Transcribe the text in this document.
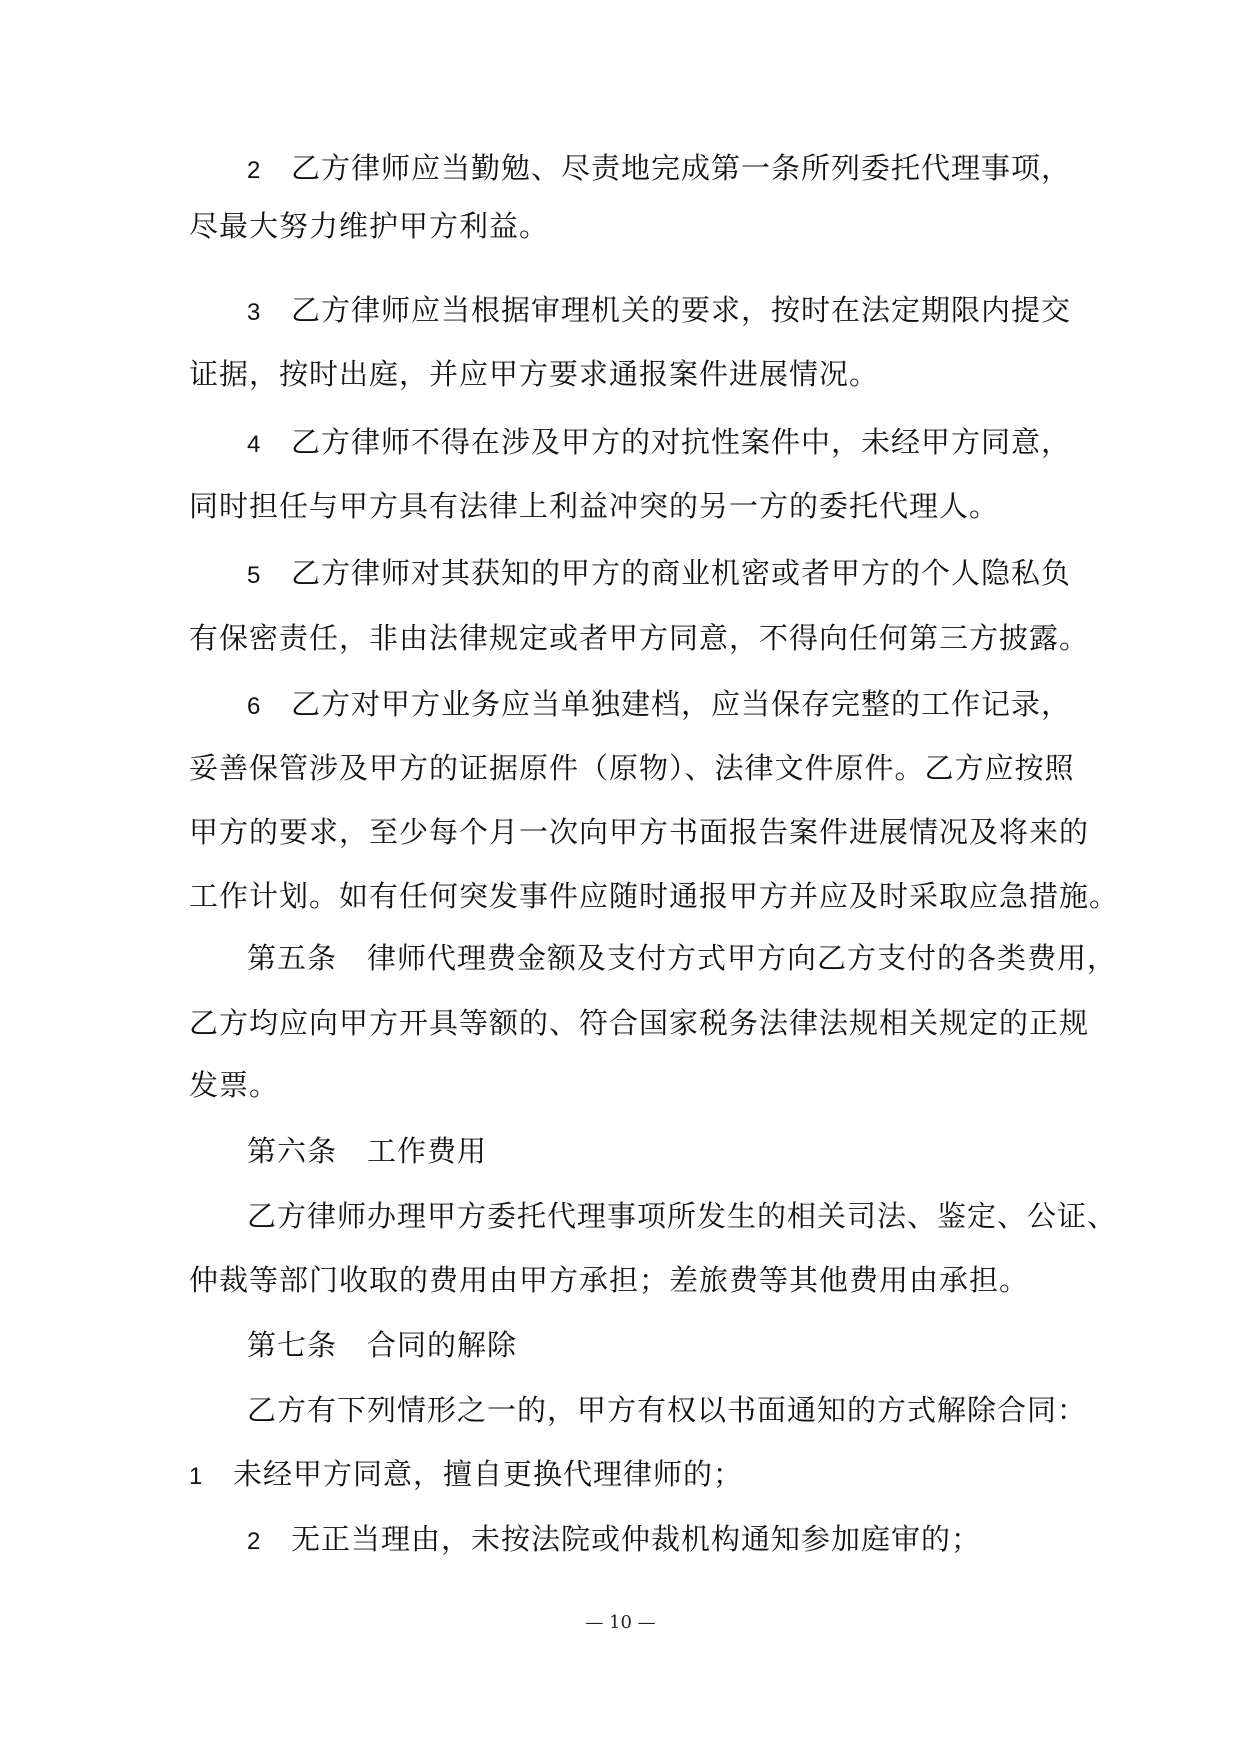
2 乙方律师应当勤勉、尽责地完成第一条所列委托代理事项，
尽最大努力维护甲方利益。
3 乙方律师应当根据审理机关的要求，按时在法定期限内提交
证据，按时出庭，并应甲方要求通报案件进展情况。
4 乙方律师不得在涉及甲方的对抗性案件中，未经甲方同意，
同时担任与甲方具有法律上利益冲突的另一方的委托代理人。
5 乙方律师对其获知的甲方的商业机密或者甲方的个人隐私负
有保密责任，非由法律规定或者甲方同意，不得向任何第三方披露。
6 乙方对甲方业务应当单独建档，应当保存完整的工作记录，
妥善保管涉及甲方的证据原件（原物）、法律文件原件。乙方应按照
甲方的要求，至少每个月一次向甲方书面报告案件进展情况及将来的
工作计划。如有任何突发事件应随时通报甲方并应及时采取应急措施。
第五条 律师代理费金额及支付方式甲方向乙方支付的各类费用，
乙方均应向甲方开具等额的、符合国家税务法律法规相关规定的正规
发票。
第六条 工作费用
乙方律师办理甲方委托代理事项所发生的相关司法、鉴定、公证、
仲裁等部门收取的费用由甲方承担；差旅费等其他费用由承担。
第七条 合同的解除
乙方有下列情形之一的，甲方有权以书面通知的方式解除合同：
1 未经甲方同意，擅自更换代理律师的；
2 无正当理由，未按法院或仲裁机构通知参加庭审的；
— 10 —
